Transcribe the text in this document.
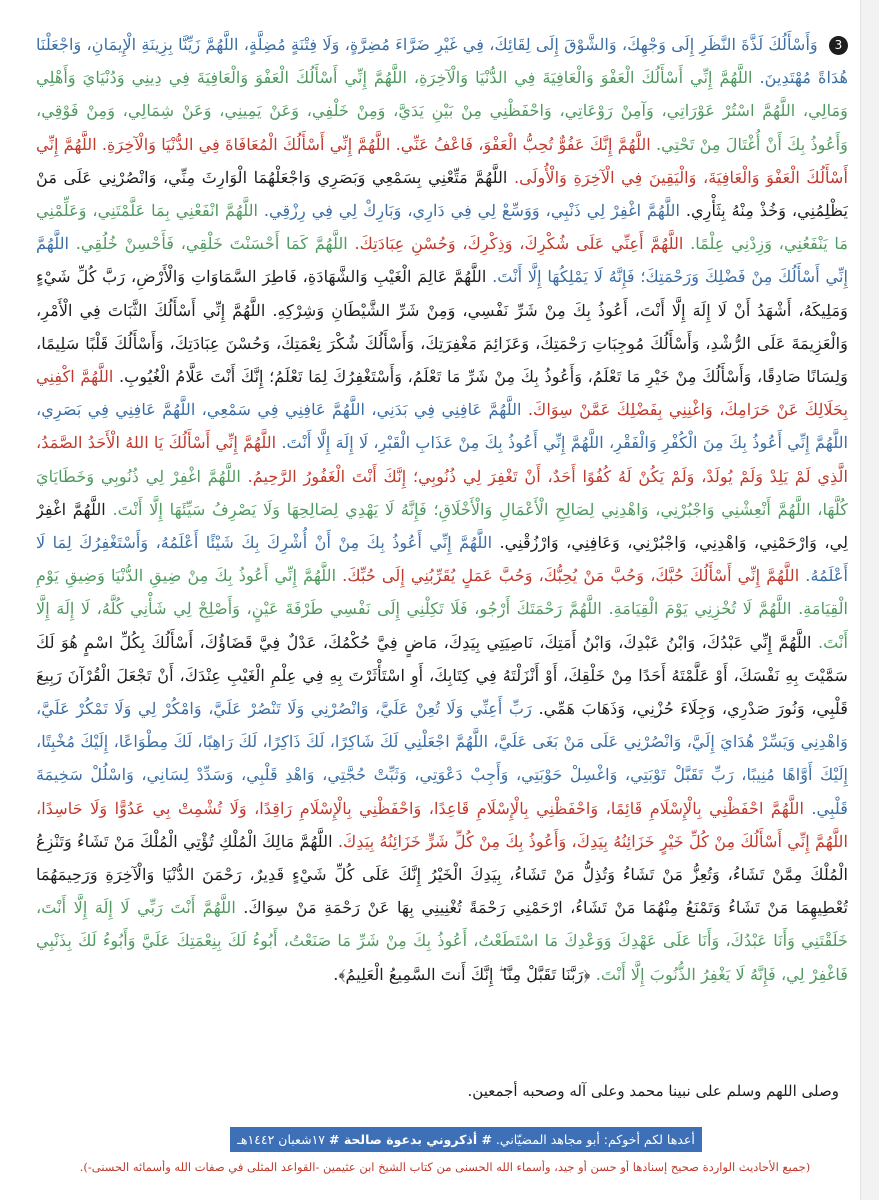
3 وَأَسْأَلُكَ لَذَّةَ النَّظَرِ إِلَى وَجْهِكَ، وَالشَّوْقَ إِلَى لِقَائِكَ، فِي غَيْرِ ضَرَّاءَ مُضِرَّةٍ، وَلَا فِتْنَةٍ مُضِلَّةٍ، اللَّهُمَّ زَيِّنَّا بِزِينَةِ الْإِيمَانِ، وَاجْعَلْنَا هُدَاةً مُهْتَدِينَ. اللَّهُمَّ إِنِّي أَسْأَلُكَ الْعَفْوَ وَالْعَافِيَةَ فِي الدُّنْيَا وَالْآخِرَةِ، اللَّهُمَّ إِنِّي أَسْأَلُكَ الْعَفْوَ وَالْعَافِيَةَ فِي دِينِي وَدُنْيَايَ وَأَهْلِي وَمَالِي، اللَّهُمَّ اسْتُرْ عَوْرَاتِي، وَآمِنْ رَوْعَاتِي، وَاحْفَظْنِي مِنْ بَيْنِ يَدَيَّ، وَمِنْ خَلْفِي، وَعَنْ يَمِينِي، وَعَنْ شِمَالِي، وَمِنْ فَوْقِي، وَأَعُوذُ بِكَ أَنْ أُغْتَالَ مِنْ تَحْتِي. اللَّهُمَّ إِنَّكَ عَفُوٌّ تُحِبُّ الْعَفْوَ، فَاعْفُ عَنِّي. اللَّهُمَّ إِنِّي أَسْأَلُكَ الْمُعَافَاةَ فِي الدُّنْيَا وَالْآخِرَةِ. اللَّهُمَّ إِنِّي أَسْأَلُكَ الْعَفْوَ وَالْعَافِيَةَ، وَالْيَقِينَ فِي الْآخِرَةِ وَالْأُولَى. اللَّهُمَّ مَتِّعْنِي بِسَمْعِي وَبَصَرِي وَاجْعَلْهُمَا الْوَارِثَ مِنِّي، وَانْصُرْنِي عَلَى مَنْ يَظْلِمُنِي، وَخُذْ مِنْهُ بِثَأْرِي. اللَّهُمَّ اغْفِرْ لِي ذَنْبِي، وَوَسِّعْ لِي فِي دَارِي، وَبَارِكْ لِي فِي رِزْقِي. اللَّهُمَّ انْفَعْنِي بِمَا عَلَّمْتَنِي، وَعَلِّمْنِي مَا يَنْفَعُنِي، وَزِدْنِي عِلْمًا. اللَّهُمَّ أَعِنِّي عَلَى شُكْرِكَ، وَذِكْرِكَ، وَحُسْنِ عِبَادَتِكَ. اللَّهُمَّ كَمَا أَحْسَنْتَ خَلْقِي، فَأَحْسِنْ خُلُقِي. اللَّهُمَّ إِنِّي أَسْأَلُكَ مِنْ فَضْلِكَ وَرَحْمَتِكَ؛ فَإِنَّهُ لَا يَمْلِكُهَا إِلَّا أَنْتَ. اللَّهُمَّ عَالِمَ الْغَيْبِ وَالشَّهَادَةِ، فَاطِرَ السَّمَاوَاتِ وَالْأَرْضِ، رَبَّ كُلِّ شَيْءٍ وَمَلِيكَهُ، أَشْهَدُ أَنْ لَا إِلَهَ إِلَّا أَنْتَ، أَعُوذُ بِكَ مِنْ شَرِّ نَفْسِي، وَمِنْ شَرِّ الشَّيْطَانِ وَشِرْكِهِ. اللَّهُمَّ إِنِّي أَسْأَلُكَ الثَّبَاتَ فِي الْأَمْرِ، وَالْعَزِيمَةَ عَلَى الرُّشْدِ، وَأَسْأَلُكَ مُوجِبَاتِ رَحْمَتِكَ، وَعَزَائِمَ مَغْفِرَتِكَ، وَأَسْأَلُكَ شُكْرَ نِعْمَتِكَ، وَحُسْنَ عِبَادَتِكَ، وَأَسْأَلُكَ قَلْبًا سَلِيمًا، وَلِسَانًا صَادِقًا، وَأَسْأَلُكَ مِنْ خَيْرِ مَا تَعْلَمُ، وَأَعُوذُ بِكَ مِنْ شَرِّ مَا تَعْلَمُ، وَأَسْتَغْفِرُكَ لِمَا تَعْلَمُ؛ إِنَّكَ أَنْتَ عَلَّامُ الْغُيُوبِ. اللَّهُمَّ اكْفِنِي بِحَلَالِكَ عَنْ حَرَامِكَ، وَاغْنِنِي بِفَضْلِكَ عَمَّنْ سِوَاكَ. اللَّهُمَّ عَافِنِي فِي بَدَنِي، اللَّهُمَّ عَافِنِي فِي سَمْعِي، اللَّهُمَّ عَافِنِي فِي بَصَرِي، اللَّهُمَّ إِنِّي أَعُوذُ بِكَ مِنَ الْكُفْرِ وَالْفَقْرِ، اللَّهُمَّ إِنِّي أَعُوذُ بِكَ مِنْ عَذَابِ الْقَبْرِ، لَا إِلَهَ إِلَّا أَنْتَ. اللَّهُمَّ إِنِّي أَسْأَلُكَ يَا اللهُ الْأَحَدُ الصَّمَدُ، الَّذِي لَمْ يَلِدْ وَلَمْ يُولَدْ، وَلَمْ يَكُنْ لَهُ كُفُوًا أَحَدٌ، أَنْ تَغْفِرَ لِي ذُنُوبِي؛ إِنَّكَ أَنْتَ الْغَفُورُ الرَّحِيمُ. اللَّهُمَّ اغْفِرْ لِي ذُنُوبِي وَخَطَايَايَ كُلَّهَا، اللَّهُمَّ أَنْعِشْنِي وَاجْبُرْنِي، وَاهْدِنِي لِصَالِحِ الْأَعْمَالِ وَالْأَخْلَاقِ؛ فَإِنَّهُ لَا يَهْدِي لِصَالِحِهَا وَلَا يَصْرِفُ سَيِّئَهَا إِلَّا أَنْتَ. اللَّهُمَّ اغْفِرْ لِي، وَارْحَمْنِي، وَاهْدِنِي، وَاجْبُرْنِي، وَعَافِنِي، وَارْزُقْنِي. اللَّهُمَّ إِنِّي أَعُوذُ بِكَ مِنْ أَنْ أُشْرِكَ بِكَ شَيْئًا أَعْلَمُهُ، وَأَسْتَغْفِرُكَ لِمَا لَا أَعْلَمُهُ. اللَّهُمَّ إِنِّي أَسْأَلُكَ حُبَّكَ، وَحُبَّ مَنْ يُحِبُّكَ، وَحُبَّ عَمَلٍ يُقَرِّبُنِي إِلَى حُبِّكَ. اللَّهُمَّ إِنِّي أَعُوذُ بِكَ مِنْ ضِيقِ الدُّنْيَا وَضِيقِ يَوْمِ الْقِيَامَةِ. اللَّهُمَّ لَا تُخْزِنِي يَوْمَ الْقِيَامَةِ. اللَّهُمَّ رَحْمَتَكَ أَرْجُو، فَلَا تَكِلْنِي إِلَى نَفْسِي طَرْفَةَ عَيْنٍ، وَأَصْلِحْ لِي شَأْنِي كُلَّهُ، لَا إِلَهَ إِلَّا أَنْتَ. اللَّهُمَّ إِنِّي عَبْدُكَ، وَابْنُ عَبْدِكَ، وَابْنُ أَمَتِكَ، نَاصِيَتِي بِيَدِكَ، مَاضٍ فِيَّ حُكْمُكَ، عَدْلٌ فِيَّ قَضَاؤُكَ، أَسْأَلُكَ بِكُلِّ اسْمٍ هُوَ لَكَ سَمَّيْتَ بِهِ نَفْسَكَ، أَوْ عَلَّمْتَهُ أَحَدًا مِنْ خَلْقِكَ، أَوْ أَنْزَلْتَهُ فِي كِتَابِكَ، أَوِ اسْتَأْثَرْتَ بِهِ فِي عِلْمِ الْغَيْبِ عِنْدَكَ، أَنْ تَجْعَلَ الْقُرْآنَ رَبِيعَ قَلْبِي، وَنُورَ صَدْرِي، وَجِلَاءَ حُزْنِي، وَذَهَابَ هَمِّي. رَبِّ أَعِنِّي وَلَا تُعِنْ عَلَيَّ، وَانْصُرْنِي وَلَا تَنْصُرْ عَلَيَّ، وَامْكُرْ لِي وَلَا تَمْكُرْ عَلَيَّ، وَاهْدِنِي وَيَسِّرْ هُدَايَ إِلَيَّ، وَانْصُرْنِي عَلَى مَنْ بَغَى عَلَيَّ، اللَّهُمَّ اجْعَلْنِي لَكَ شَاكِرًا، لَكَ ذَاكِرًا، لَكَ رَاهِبًا، لَكَ مِطْوَاعًا، إِلَيْكَ مُخْبِتًا، إِلَيْكَ أَوَّاهًا مُنِيبًا، رَبِّ تَقَبَّلْ تَوْبَتِي، وَاغْسِلْ حَوْبَتِي، وَأَجِبْ دَعْوَتِي، وَثَبِّتْ حُجَّتِي، وَاهْدِ قَلْبِي، وَسَدِّدْ لِسَانِي، وَاسْلُلْ سَخِيمَةَ قَلْبِي. اللَّهُمَّ احْفَظْنِي بِالْإِسْلَامِ قَائِمًا، وَاحْفَظْنِي بِالْإِسْلَامِ قَاعِدًا، وَاحْفَظْنِي بِالْإِسْلَامِ رَاقِدًا، وَلَا تُشْمِتْ بِي عَدُوًّا وَلَا حَاسِدًا، اللَّهُمَّ إِنِّي أَسْأَلُكَ مِنْ كُلِّ خَيْرٍ خَزَائِنُهُ بِيَدِكَ، وَأَعُوذُ بِكَ مِنْ كُلِّ شَرٍّ خَزَائِنُهُ بِيَدِكَ. اللَّهُمَّ مَالِكَ الْمُلْكِ تُؤْتِي الْمُلْكَ مَنْ تَشَاءُ وَتَنْزِعُ الْمُلْكَ مِمَّنْ تَشَاءُ، وَتُعِزُّ مَنْ تَشَاءُ وَتُذِلُّ مَنْ تَشَاءُ، بِيَدِكَ الْخَيْرُ إِنَّكَ عَلَى كُلِّ شَيْءٍ قَدِيرٌ، رَحْمَنَ الدُّنْيَا وَالْآخِرَةِ وَرَحِيمَهُمَا تُعْطِيهِمَا مَنْ تَشَاءُ وَتَمْنَعُ مِنْهُمَا مَنْ تَشَاءُ، ارْحَمْنِي رَحْمَةً تُغْنِينِي بِهَا عَنْ رَحْمَةِ مَنْ سِوَاكَ. اللَّهُمَّ أَنْتَ رَبِّي لَا إِلَهَ إِلَّا أَنْتَ، خَلَقْتَنِي وَأَنَا عَبْدُكَ، وَأَنَا عَلَى عَهْدِكَ وَوَعْدِكَ مَا اسْتَطَعْتُ، أَعُوذُ بِكَ مِنْ شَرِّ مَا صَنَعْتُ، أَبُوءُ لَكَ بِنِعْمَتِكَ عَلَيَّ وَأَبُوءُ لَكَ بِذَنْبِي فَاغْفِرْ لِي، فَإِنَّهُ لَا يَغْفِرُ الذُّنُوبَ إِلَّا أَنْتَ. ﴿رَبَّنَا تَقَبَّلْ مِنَّا ۖ إِنَّكَ أَنتَ السَّمِيعُ الْعَلِيمُ﴾.
وصلى اللهم وسلم على نبينا محمد وعلى آله وصحبه أجمعين.
أعدها لكم أخوكم: أبو مجاهد المضيّاني. # أذكروني بدعوة صالحة # ١٧شعبان ١٤٤٢هـ
(جميع الأحاديث الواردة صحيح إسنادها أو حسن أو جيد، وأسماء الله الحسنى من كتاب الشيخ ابن عثيمين -القواعد المثلى في صفات الله وأسمائه الحسنى-).
